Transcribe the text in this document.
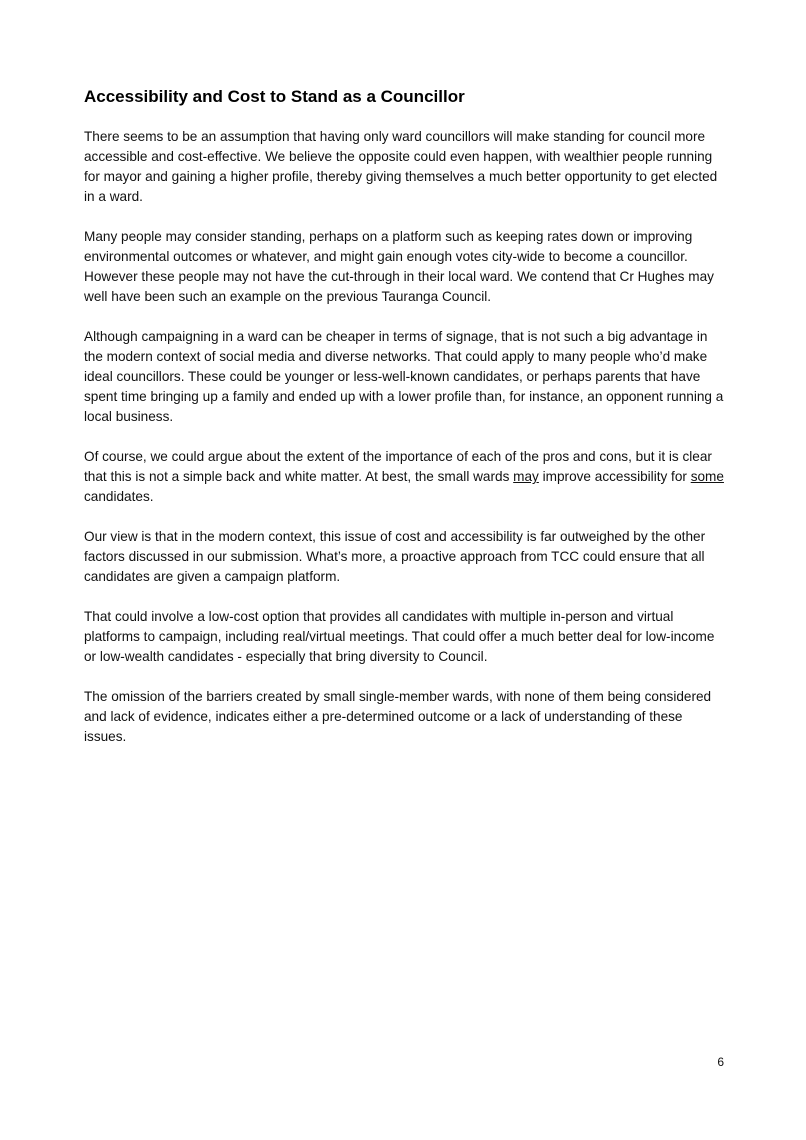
Accessibility and Cost to Stand as a Councillor

There seems to be an assumption that having only ward councillors will make standing for council more accessible and cost-effective. We believe the opposite could even happen, with wealthier people running for mayor and gaining a higher profile, thereby giving themselves a much better opportunity to get elected in a ward.

Many people may consider standing, perhaps on a platform such as keeping rates down or improving environmental outcomes or whatever, and might gain enough votes city-wide to become a councillor. However these people may not have the cut-through in their local ward. We contend that Cr Hughes may well have been such an example on the previous Tauranga Council.

Although campaigning in a ward can be cheaper in terms of signage, that is not such a big advantage in the modern context of social media and diverse networks. That could apply to many people who’d make ideal councillors. These could be younger or less-well-known candidates, or perhaps parents that have spent time bringing up a family and ended up with a lower profile than, for instance, an opponent running a local business.

Of course, we could argue about the extent of the importance of each of the pros and cons, but it is clear that this is not a simple back and white matter. At best, the small wards may improve accessibility for some candidates.

Our view is that in the modern context, this issue of cost and accessibility is far outweighed by the other factors discussed in our submission. What’s more, a proactive approach from TCC could ensure that all candidates are given a campaign platform.

That could involve a low-cost option that provides all candidates with multiple in-person and virtual platforms to campaign, including real/virtual meetings. That could offer a much better deal for low-income or low-wealth candidates - especially that bring diversity to Council.

The omission of the barriers created by small single-member wards, with none of them being considered and lack of evidence, indicates either a pre-determined outcome or a lack of understanding of these issues.

6
